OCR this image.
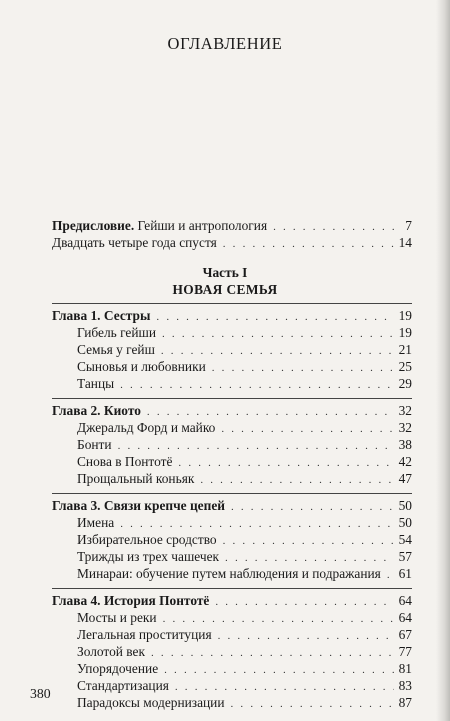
ОГЛАВЛЕНИЕ
Предисловие. Гейши и антропология . . .	7
Двадцать четыре года спустя . . .	14
Часть I
НОВАЯ СЕМЬЯ
Глава 1. Сестры . . .	19
Гибель гейши . . .	19
Семья у гейш . . .	21
Сыновья и любовники . . .	25
Танцы . . .	29
Глава 2. Киото . . .	32
Джеральд Форд и майко . . .	32
Бонти . . .	38
Снова в Понтотё . . .	42
Прощальный коньяк . . .	47
Глава 3. Связи крепче цепей . . .	50
Имена . . .	50
Избирательное сродство . . .	54
Трижды из трех чашечек . . .	57
Минараи: обучение путем наблюдения и подражания . . . 61
Глава 4. История Понтотё . . .	64
Мосты и реки . . .	64
Легальная проституция . . .	67
Золотой век . . .	77
Упорядочение . . .	81
Стандартизация . . .	83
Парадоксы модернизации . . .	87
380
